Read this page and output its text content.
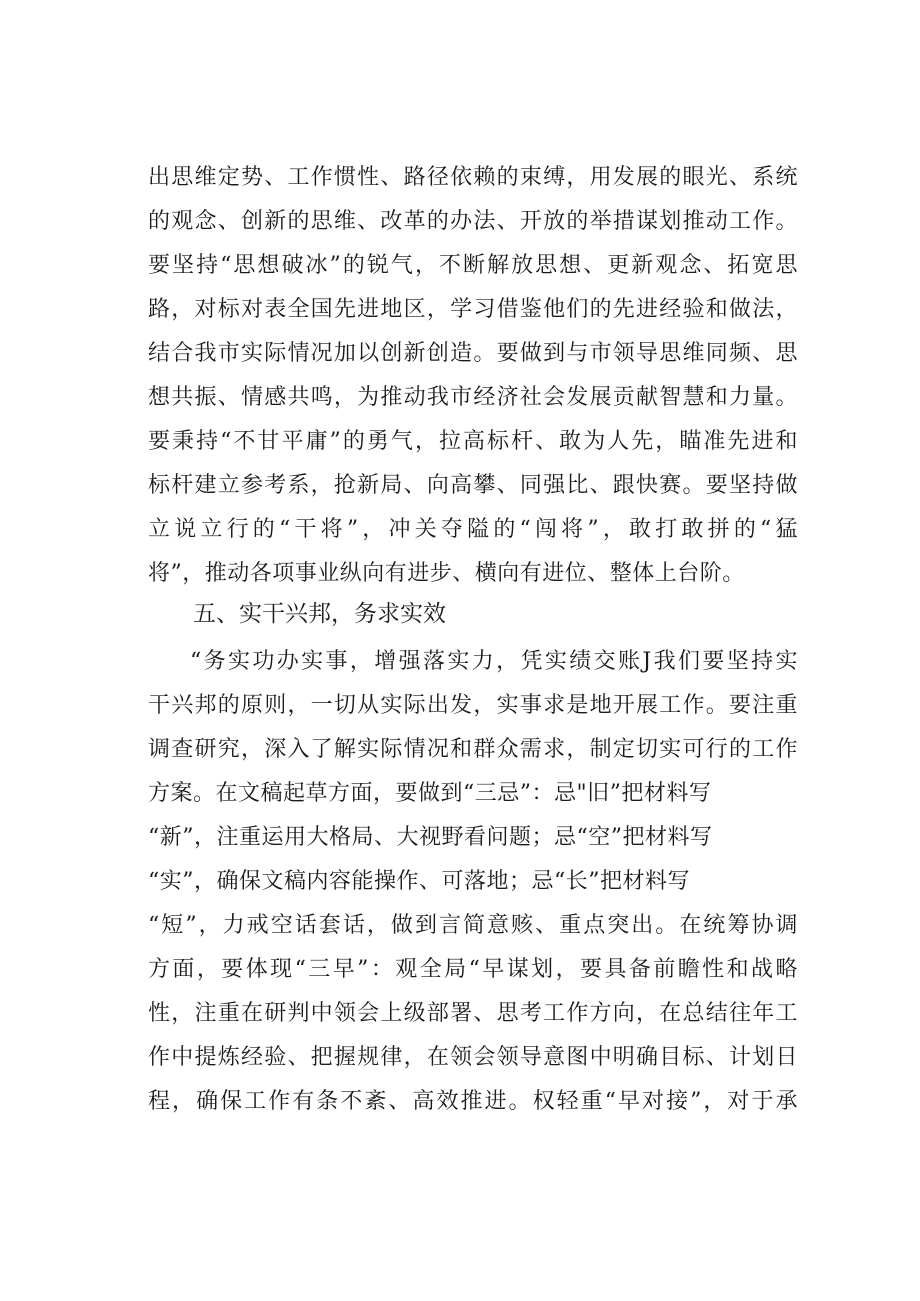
出思维定势、工作惯性、路径依赖的束缚，用发展的眼光、系统
的观念、创新的思维、改革的办法、开放的举措谋划推动工作。
要坚持“思想破冰”的锐气，不断解放思想、更新观念、拓宽思
路，对标对表全国先进地区，学习借鉴他们的先进经验和做法，
结合我市实际情况加以创新创造。要做到与市领导思维同频、思
想共振、情感共鸣，为推动我市经济社会发展贡献智慧和力量。
要秉持“不甘平庸”的勇气，拉高标杆、敢为人先，瞄准先进和
标杆建立参考系，抢新局、向高攀、同强比、跟快赛。要坚持做
立说立行的“干将”，冲关夺隘的“闯将”，敢打敢拼的“猛
将”，推动各项事业纵向有进步、横向有进位、整体上台阶。
五、实干兴邦，务求实效
“务实功办实事，增强落实力，凭实绩交账J我们要坚持实
干兴邦的原则，一切从实际出发，实事求是地开展工作。要注重
调查研究，深入了解实际情况和群众需求，制定切实可行的工作
方案。在文稿起草方面，要做到“三忌”：忌"旧”把材料写
“新”，注重运用大格局、大视野看问题；忌“空”把材料写
“实”，确保文稿内容能操作、可落地；忌“长”把材料写
“短”，力戒空话套话，做到言简意赅、重点突出。在统筹协调
方面，要体现“三早”：观全局“早谋划，要具备前瞻性和战略
性，注重在研判中领会上级部署、思考工作方向，在总结往年工
作中提炼经验、把握规律，在领会领导意图中明确目标、计划日
程，确保工作有条不紊、高效推进。权轻重“早对接”，对于承
